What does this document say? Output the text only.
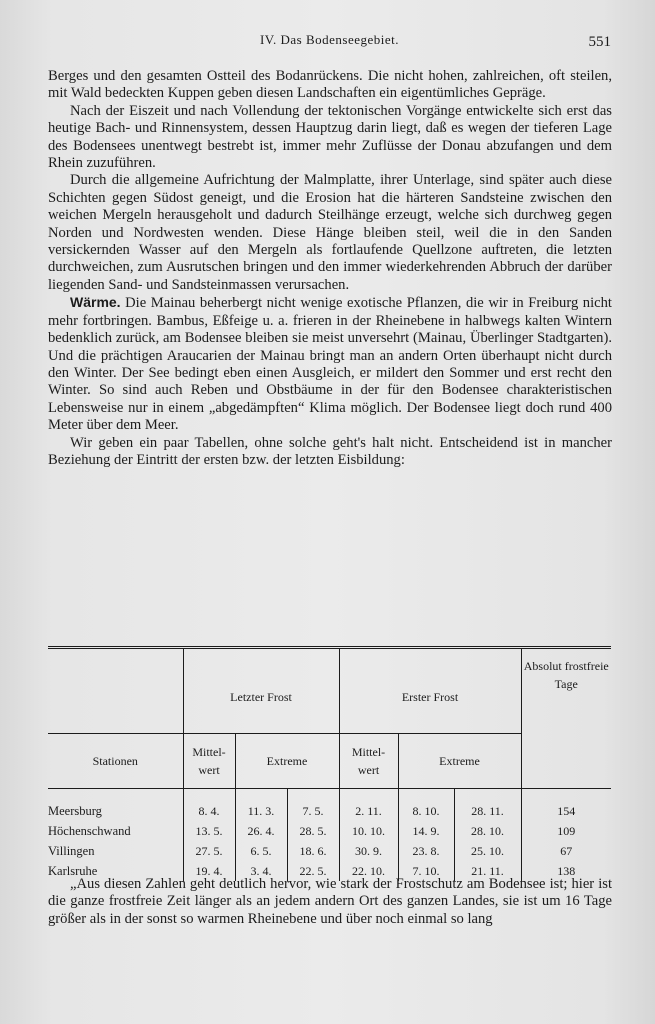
IV. Das Bodenseegebiet.	551

Berges und den gesamten Ostteil des Bodanrückens. Die nicht hohen, zahlreichen, oft steilen, mit Wald bedeckten Kuppen geben diesen Landschaften ein eigentümliches Gepräge.

Nach der Eiszeit und nach Vollendung der tektonischen Vorgänge entwickelte sich erst das heutige Bach- und Rinnensystem, dessen Hauptzug darin liegt, daß es wegen der tieferen Lage des Bodensees unentwegt bestrebt ist, immer mehr Zuflüsse der Donau abzufangen und dem Rhein zuzuführen.

Durch die allgemeine Aufrichtung der Malmplatte, ihrer Unterlage, sind später auch diese Schichten gegen Südost geneigt, und die Erosion hat die härteren Sandsteine zwischen den weichen Mergeln herausgeholt und dadurch Steilhänge erzeugt, welche sich durchweg gegen Norden und Nordwesten wenden. Diese Hänge bleiben steil, weil die in den Sanden versickernden Wasser auf den Mergeln als fortlaufende Quellzone auftreten, die letzten durchweichen, zum Ausrutschen bringen und den immer wiederkehrenden Abbruch der darüber liegenden Sand- und Sandsteinmassen verursachen.

Wärme. Die Mainau beherbergt nicht wenige exotische Pflanzen, die wir in Freiburg nicht mehr fortbringen. Bambus, Eßfeige u. a. frieren in der Rheinebene in halbwegs kalten Wintern bedenklich zurück, am Bodensee bleiben sie meist unversehrt (Mainau, Überlinger Stadtgarten). Und die prächtigen Araucarien der Mainau bringt man an andern Orten überhaupt nicht durch den Winter. Der See bedingt eben einen Ausgleich, er mildert den Sommer und erst recht den Winter. So sind auch Reben und Obstbäume in der für den Bodensee charakteristischen Lebensweise nur in einem „abgedämpften“ Klima möglich. Der Bodensee liegt doch rund 400 Meter über dem Meer.

Wir geben ein paar Tabellen, ohne solche geht's halt nicht. Entscheidend ist in mancher Beziehung der Eintritt der ersten bzw. der letzten Eisbildung:

	Letzter Frost			Erster Frost			Absolut frostfreie Tage
Stationen	Mittel-wert	Extreme		Mittel-wert	Extreme		
Meersburg	8. 4.	11. 3.	7. 5.	2. 11.	8. 10.	28. 11.	154
Höchenschwand	13. 5.	26. 4.	28. 5.	10. 10.	14. 9.	28. 10.	109
Villingen	27. 5.	6. 5.	18. 6.	30. 9.	23. 8.	25. 10.	67
Karlsruhe	19. 4.	3. 4.	22. 5.	22. 10.	7. 10.	21. 11.	138

„Aus diesen Zahlen geht deutlich hervor, wie stark der Frostschutz am Bodensee ist; hier ist die ganze frostfreie Zeit länger als an jedem andern Ort des ganzen Landes, sie ist um 16 Tage größer als in der sonst so warmen Rheinebene und über noch einmal so lang
